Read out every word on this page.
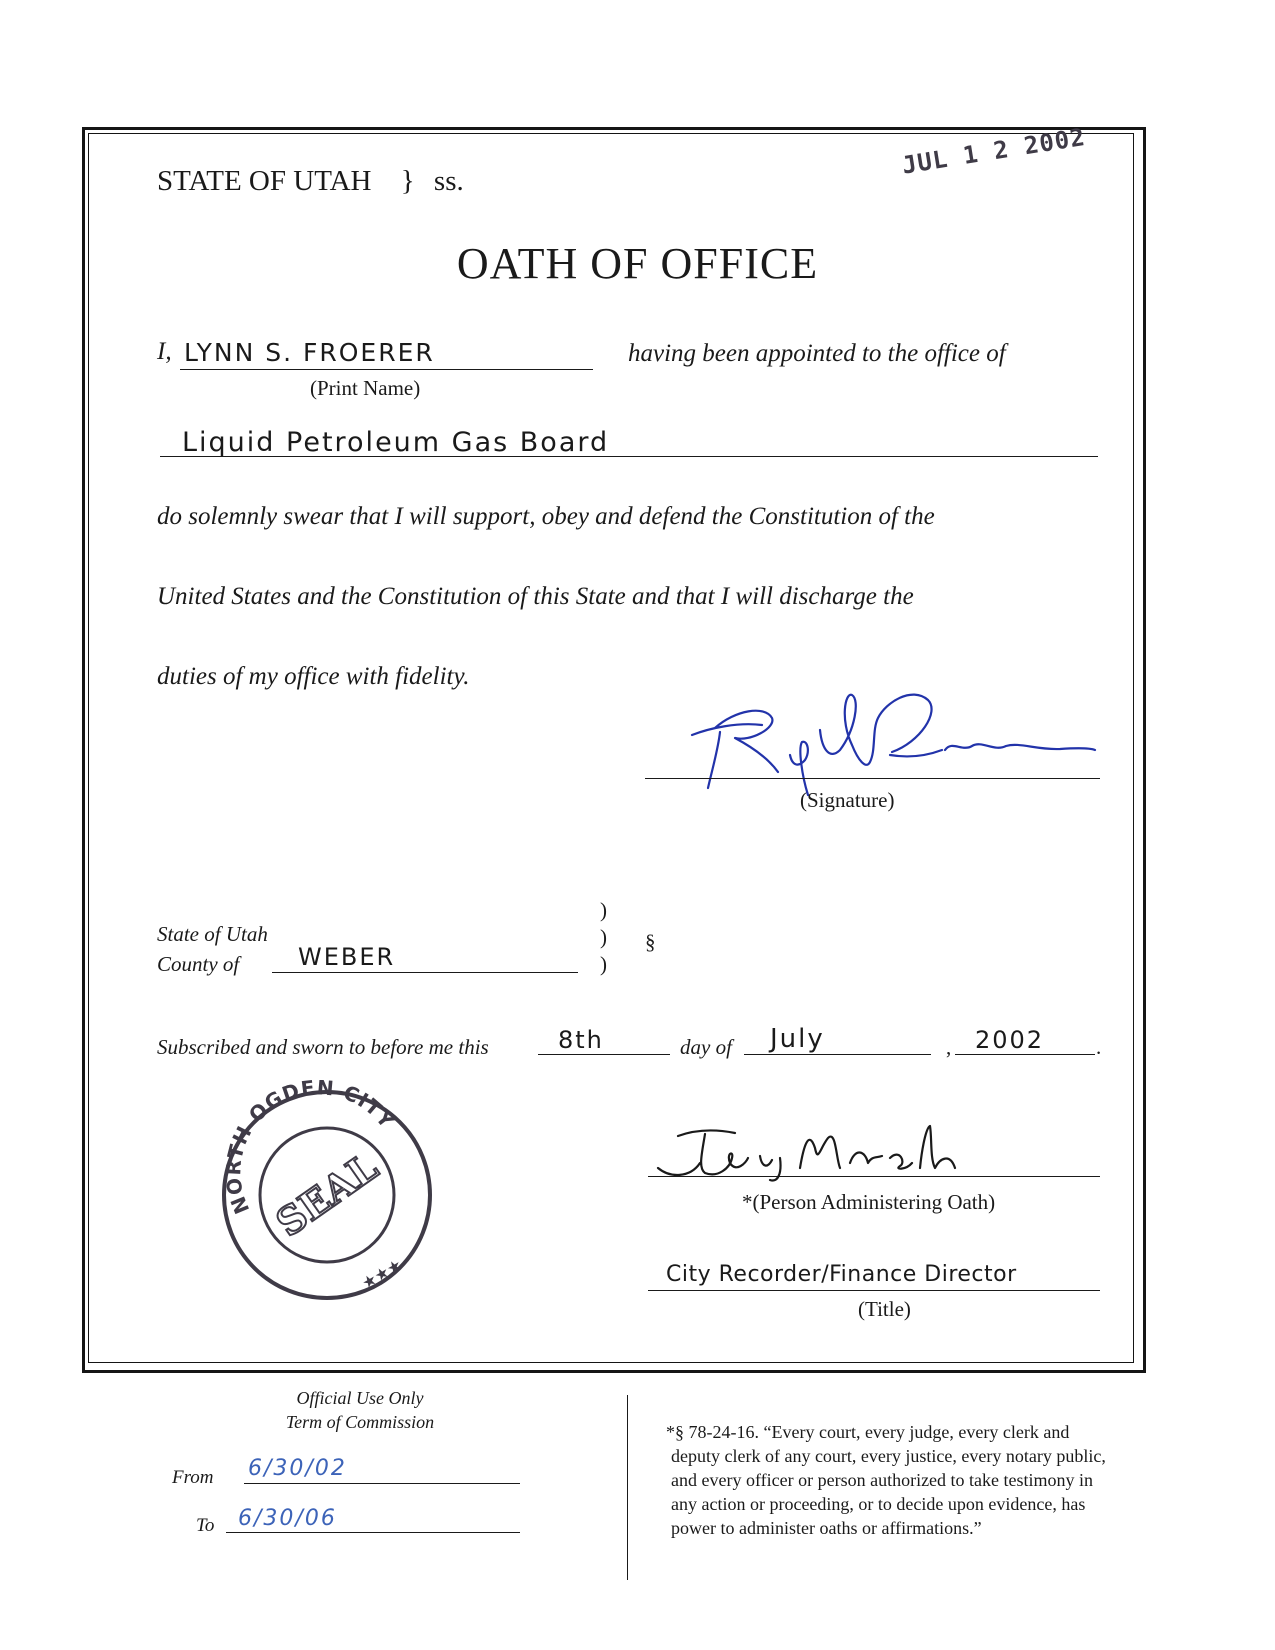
STATE OF UTAH } ss.
JUL 1 2 2002
OATH OF OFFICE
I, LYNN S. FROERER
(Print Name)
having been appointed to the office of
Liquid Petroleum Gas Board
do solemnly swear that I will support, obey and defend the Constitution of the
United States and the Constitution of this State and that I will discharge the
duties of my office with fidelity.
(Signature)
State of Utah
County of WEBER
)
)
)
§
Subscribed and sworn to before me this	8th	day of July	, 2002 .
NORTH OGDEN CITY
SEAL
★★★
*(Person Administering Oath)
City Recorder/Finance Director
(Title)
Official Use Only
Term of Commission
From 6/30/02
To 6/30/06
*§ 78-24-16. “Every court, every judge, every clerk and
deputy clerk of any court, every justice, every notary public,
and every officer or person authorized to take testimony in
any action or proceeding, or to decide upon evidence, has
power to administer oaths or affirmations.”
